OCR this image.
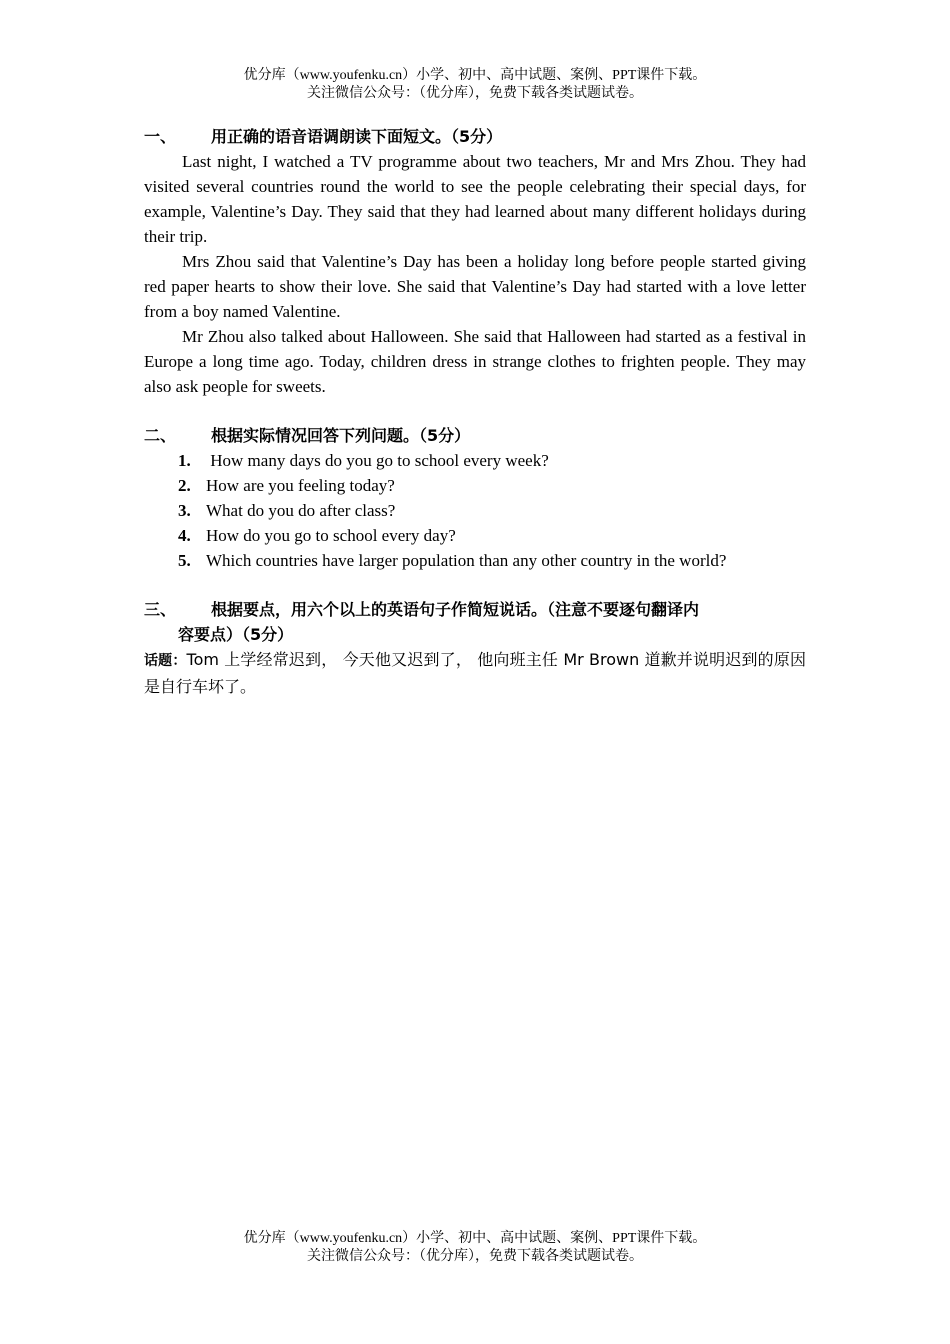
优分库（www.youfenku.cn）小学、初中、高中试题、案例、PPT课件下载。
关注微信公众号：（优分库），免费下载各类试题试卷。
一、	用正确的语音语调朗读下面短文。（5分）

Last night, I watched a TV programme about two teachers, Mr and Mrs Zhou. They had visited several countries round the world to see the people celebrating their special days, for example, Valentine’s Day. They said that they had learned about many different holidays during their trip.

Mrs Zhou said that Valentine’s Day has been a holiday long before people started giving red paper hearts to show their love. She said that Valentine’s Day had started with a love letter from a boy named Valentine.

Mr Zhou also talked about Halloween. She said that Halloween had started as a festival in Europe a long time ago. Today, children dress in strange clothes to frighten people. They may also ask people for sweets.

二、	根据实际情况回答下列问题。（5分）
1. How many days do you go to school every week?
2. How are you feeling today?
3. What do you do after class?
4. How do you go to school every day?
5. Which countries have larger population than any other country in the world?
三、	根据要点，用六个以上的英语句子作简短说话。（注意不要逐句翻译内
容要点）（5分）
话题：Tom 上学经常迟到， 今天他又迟到了， 他向班主任 Mr Brown 道歉并说明迟到的原因是自行车坏了。
优分库（www.youfenku.cn）小学、初中、高中试题、案例、PPT课件下载。
关注微信公众号：（优分库），免费下载各类试题试卷。
